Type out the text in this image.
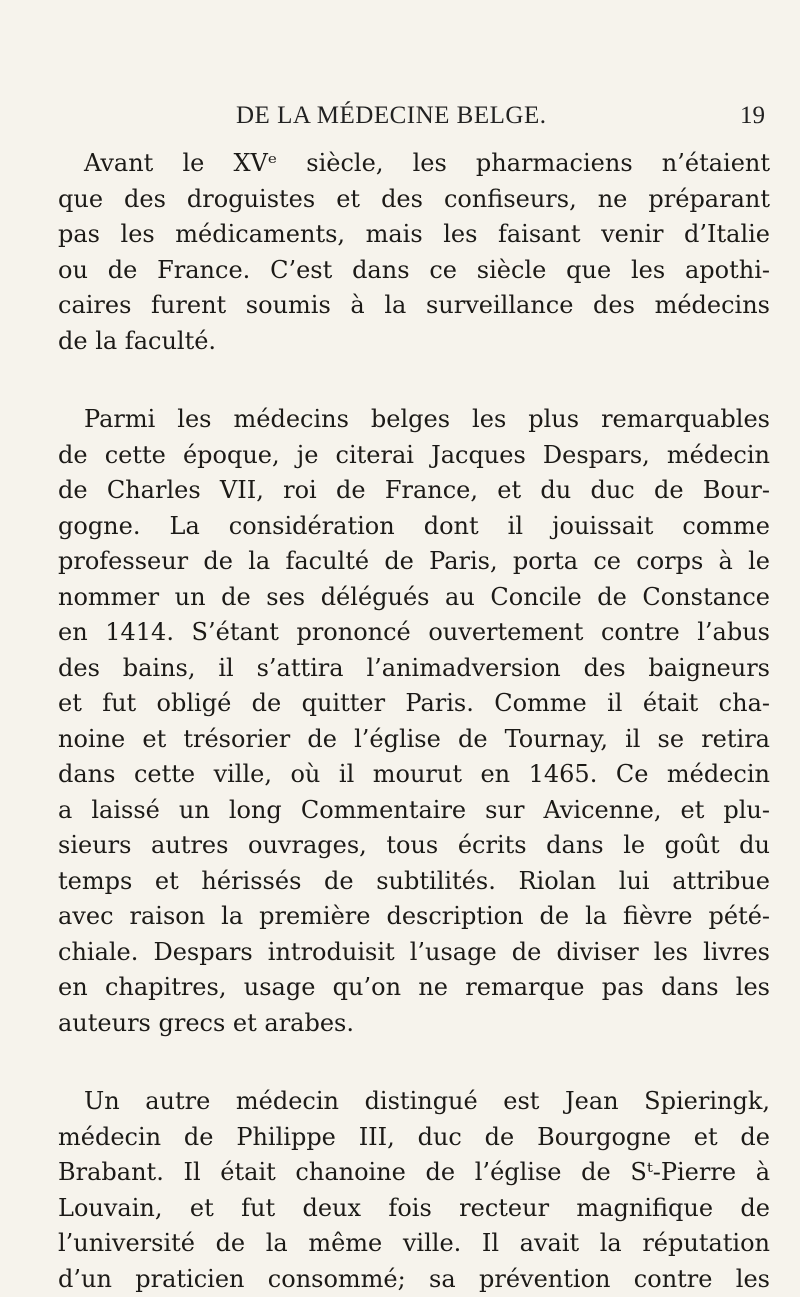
DE LA MÉDECINE BELGE.	19
Avant le XVᵉ siècle, les pharmaciens n’étaient
que des droguistes et des confiseurs, ne préparant
pas les médicaments, mais les faisant venir d’Italie
ou de France. C’est dans ce siècle que les apothi-
caires furent soumis à la surveillance des médecins
de la faculté.
Parmi les médecins belges les plus remarquables
de cette époque, je citerai Jacques Despars, médecin
de Charles VII, roi de France, et du duc de Bour-
gogne. La considération dont il jouissait comme
professeur de la faculté de Paris, porta ce corps à le
nommer un de ses délégués au Concile de Constance
en 1414. S’étant prononcé ouvertement contre l’abus
des bains, il s’attira l’animadversion des baigneurs
et fut obligé de quitter Paris. Comme il était cha-
noine et trésorier de l’église de Tournay, il se retira
dans cette ville, où il mourut en 1465. Ce médecin
a laissé un long Commentaire sur Avicenne, et plu-
sieurs autres ouvrages, tous écrits dans le goût du
temps et hérissés de subtilités. Riolan lui attribue
avec raison la première description de la fièvre pété-
chiale. Despars introduisit l’usage de diviser les livres
en chapitres, usage qu’on ne remarque pas dans les
auteurs grecs et arabes.
Un autre médecin distingué est Jean Spieringk,
médecin de Philippe III, duc de Bourgogne et de
Brabant. Il était chanoine de l’église de Sᵗ-Pierre à
Louvain, et fut deux fois recteur magnifique de
l’université de la même ville. Il avait la réputation
d’un praticien consommé; sa prévention contre les
